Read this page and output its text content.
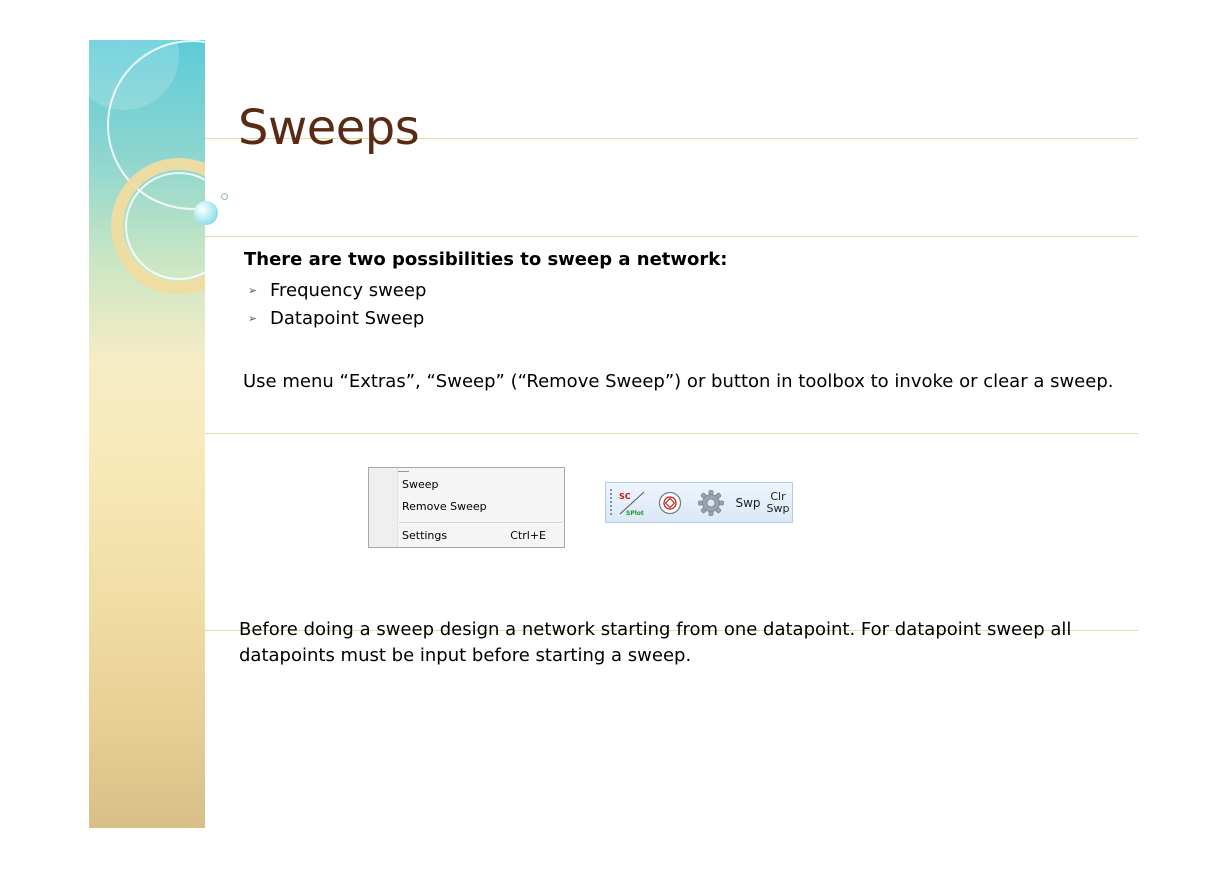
Sweeps

There are two possibilities to sweep a network:

➢ Frequency sweep
➢ Datapoint Sweep

Use menu “Extras”, “Sweep” (“Remove Sweep”) or button in toolbox to invoke or clear a sweep.

Sweep
Remove Sweep
Settings	Ctrl+E
SC
SPlot
Swp Clr
Swp

Before doing a sweep design a network starting from one datapoint. For datapoint sweep all datapoints must be input before starting a sweep.
